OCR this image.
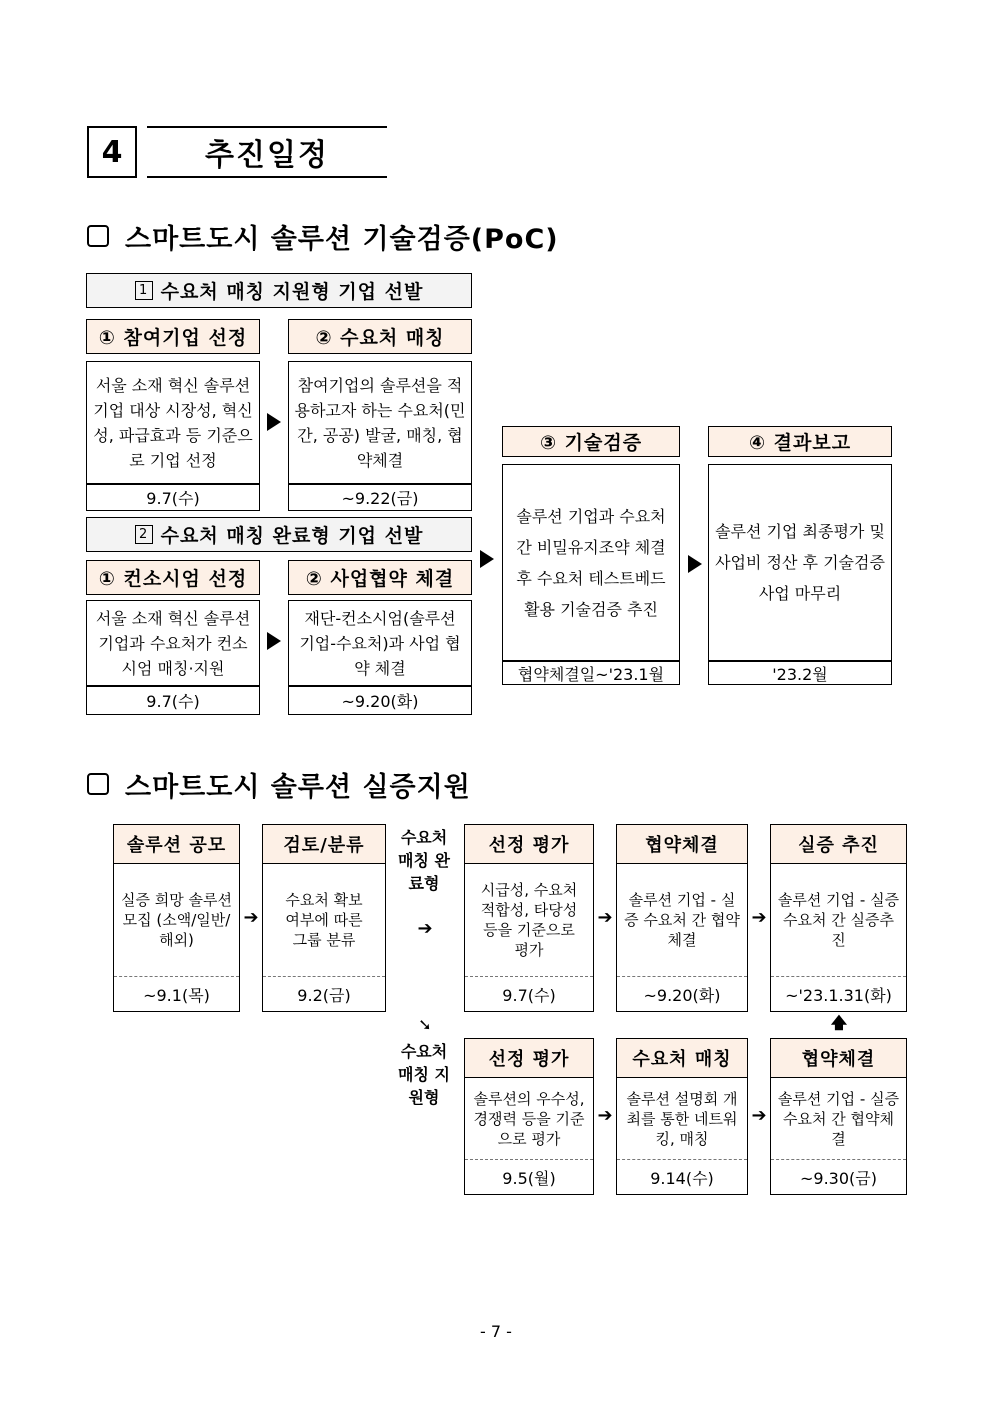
4	추진일정
스마트도시 솔루션 기술검증(PoC)
1 수요처 매칭 지원형 기업 선발
① 참여기업 선정	② 수요처 매칭
서울 소재 혁신 솔루션 기업 대상 시장성, 혁신성, 파급효과 등 기준으로 기업 선정
참여기업의 솔루션을 적용하고자 하는 수요처(민간, 공공) 발굴, 매칭, 협약체결
9.7(수)	~9.22(금)
2 수요처 매칭 완료형 기업 선발
① 컨소시엄 선정	② 사업협약 체결
서울 소재 혁신 솔루션 기업과 수요처가 컨소시엄 매칭·지원
재단-컨소시엄(솔루션 기업-수요처)과 사업 협약 체결
9.7(수)	~9.20(화)
③ 기술검증
솔루션 기업과 수요처 간 비밀유지조약 체결 후 수요처 테스트베드 활용 기술검증 추진
협약체결일~'23.1월
④ 결과보고
솔루션 기업 최종평가 및 사업비 정산 후 기술검증 사업 마무리
'23.2월
스마트도시 솔루션 실증지원
솔루션 공모
실증 희망 솔루션 모집 (소액/일반/해외)
~9.1(목)
➔
검토/분류
수요처 확보 여부에 따른 그룹 분류
9.2(금)
수요처 매칭 완료형
➔
➘
수요처 매칭 지원형
선정 평가
시급성, 수요처 적합성, 타당성 등을 기준으로 평가
9.7(수)
➔
협약체결
솔루션 기업 - 실증 수요처 간 협약체결
~9.20(화)
➔
실증 추진
솔루션 기업 - 실증 수요처 간 실증추진
~'23.1.31(화)
🡅
선정 평가
솔루션의 우수성, 경쟁력 등을 기준으로 평가
9.5(월)
➔
수요처 매칭
솔루션 설명회 개최를 통한 네트워킹, 매칭
9.14(수)
➔
협약체결
솔루션 기업 - 실증 수요처 간 협약체결
~9.30(금)
- 7 -
